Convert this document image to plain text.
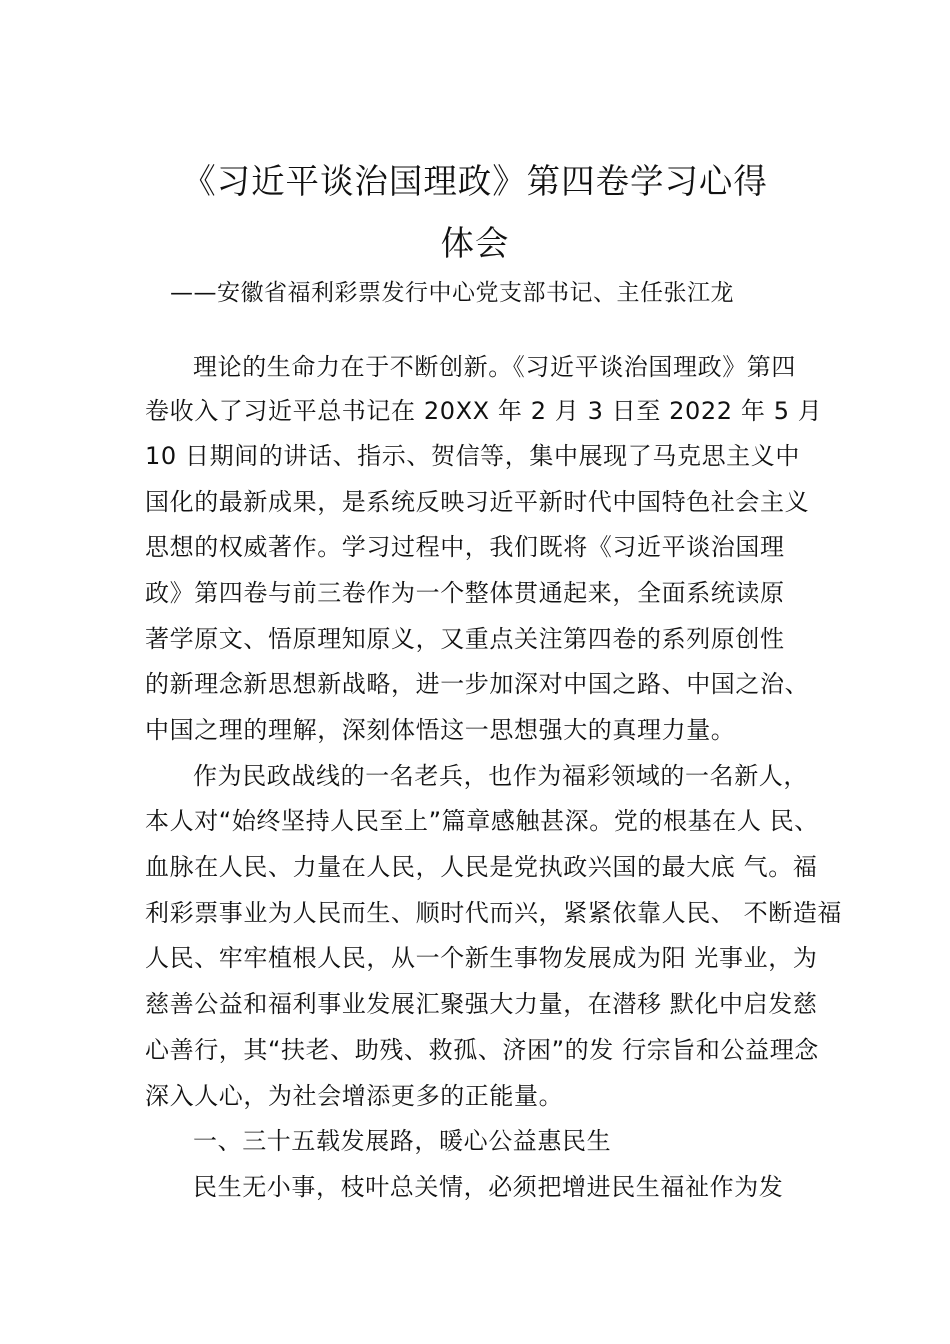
《习近平谈治国理政》第四卷学习心得
体会
——安徽省福利彩票发行中心党支部书记、主任张江龙
理论的生命力在于不断创新。《习近平谈治国理政》第四
卷收入了习近平总书记在 20XX 年 2 月 3 日至 2022 年 5 月
10 日期间的讲话、指示、贺信等，集中展现了马克思主义中
国化的最新成果，是系统反映习近平新时代中国特色社会主义
思想的权威著作。学习过程中，我们既将《习近平谈治国理
政》第四卷与前三卷作为一个整体贯通起来，全面系统读原
著学原文、悟原理知原义，又重点关注第四卷的系列原创性
的新理念新思想新战略，进一步加深对中国之路、中国之治、
中国之理的理解，深刻体悟这一思想强大的真理力量。
作为民政战线的一名老兵，也作为福彩领域的一名新人，
本人对“始终坚持人民至上”篇章感触甚深。党的根基在人 民、
血脉在人民、力量在人民，人民是党执政兴国的最大底 气。福
利彩票事业为人民而生、顺时代而兴，紧紧依靠人民、 不断造福
人民、牢牢植根人民，从一个新生事物发展成为阳 光事业，为
慈善公益和福利事业发展汇聚强大力量，在潜移 默化中启发慈
心善行，其“扶老、助残、救孤、济困”的发 行宗旨和公益理念
深入人心，为社会增添更多的正能量。
一、三十五载发展路，暖心公益惠民生
民生无小事，枝叶总关情，必须把增进民生福祉作为发
